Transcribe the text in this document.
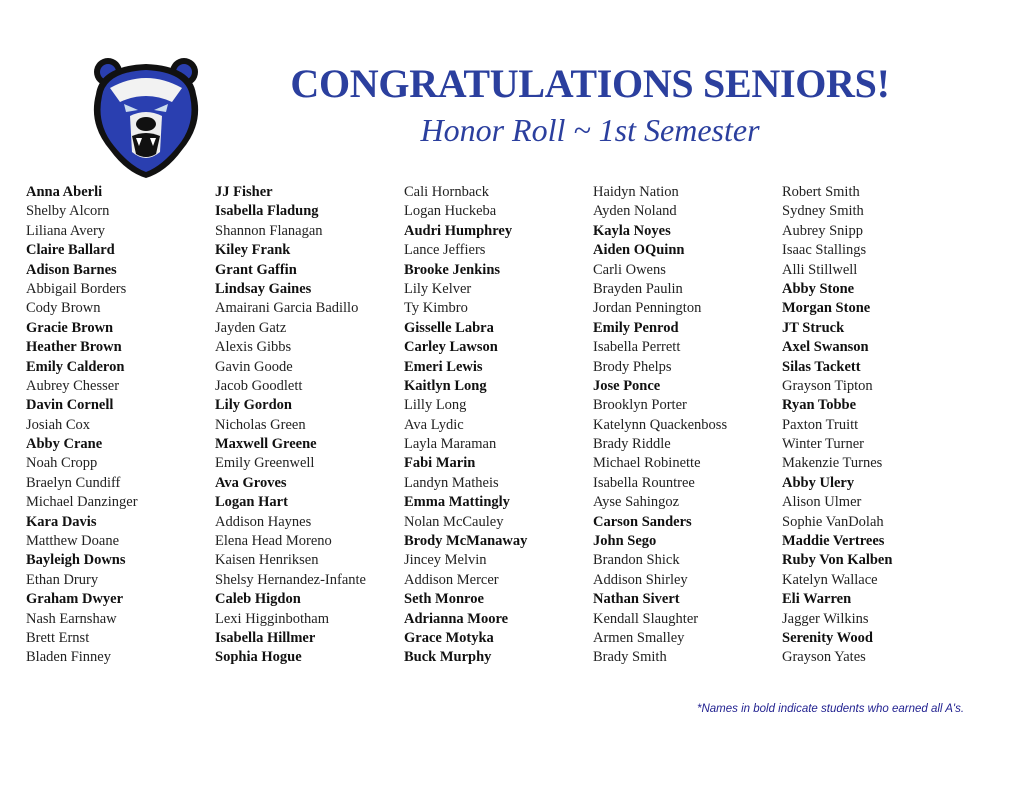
CONGRATULATIONS SENIORS!
Honor Roll ~ 1st Semester
Anna Aberli
Shelby Alcorn
Liliana Avery
Claire Ballard
Adison Barnes
Abbigail Borders
Cody Brown
Gracie Brown
Heather Brown
Emily Calderon
Aubrey Chesser
Davin Cornell
Josiah Cox
Abby Crane
Noah Cropp
Braelyn Cundiff
Michael Danzinger
Kara Davis
Matthew Doane
Bayleigh Downs
Ethan Drury
Graham Dwyer
Nash Earnshaw
Brett Ernst
Bladen Finney
JJ Fisher
Isabella Fladung
Shannon Flanagan
Kiley Frank
Grant Gaffin
Lindsay Gaines
Amairani Garcia Badillo
Jayden Gatz
Alexis Gibbs
Gavin Goode
Jacob Goodlett
Lily Gordon
Nicholas Green
Maxwell Greene
Emily Greenwell
Ava Groves
Logan Hart
Addison Haynes
Elena Head Moreno
Kaisen Henriksen
Shelsy Hernandez-Infante
Caleb Higdon
Lexi Higginbotham
Isabella Hillmer
Sophia Hogue
Cali Hornback
Logan Huckeba
Audri Humphrey
Lance Jeffiers
Brooke Jenkins
Lily Kelver
Ty Kimbro
Gisselle Labra
Carley Lawson
Emeri Lewis
Kaitlyn Long
Lilly Long
Ava Lydic
Layla Maraman
Fabi Marin
Landyn Matheis
Emma Mattingly
Nolan McCauley
Brody McManaway
Jincey Melvin
Addison Mercer
Seth Monroe
Adrianna Moore
Grace Motyka
Buck Murphy
Haidyn Nation
Ayden Noland
Kayla Noyes
Aiden OQuinn
Carli Owens
Brayden Paulin
Jordan Pennington
Emily Penrod
Isabella Perrett
Brody Phelps
Jose Ponce
Brooklyn Porter
Katelynn Quackenboss
Brady Riddle
Michael Robinette
Isabella Rountree
Ayse Sahingoz
Carson Sanders
John Sego
Brandon Shick
Addison Shirley
Nathan Sivert
Kendall Slaughter
Armen Smalley
Brady Smith
Robert Smith
Sydney Smith
Aubrey Snipp
Isaac Stallings
Alli Stillwell
Abby Stone
Morgan Stone
JT Struck
Axel Swanson
Silas Tackett
Grayson Tipton
Ryan Tobbe
Paxton Truitt
Winter Turner
Makenzie Turnes
Abby Ulery
Alison Ulmer
Sophie VanDolah
Maddie Vertrees
Ruby Von Kalben
Katelyn Wallace
Eli Warren
Jagger Wilkins
Serenity Wood
Grayson Yates
*Names in bold indicate students who earned all A's.
